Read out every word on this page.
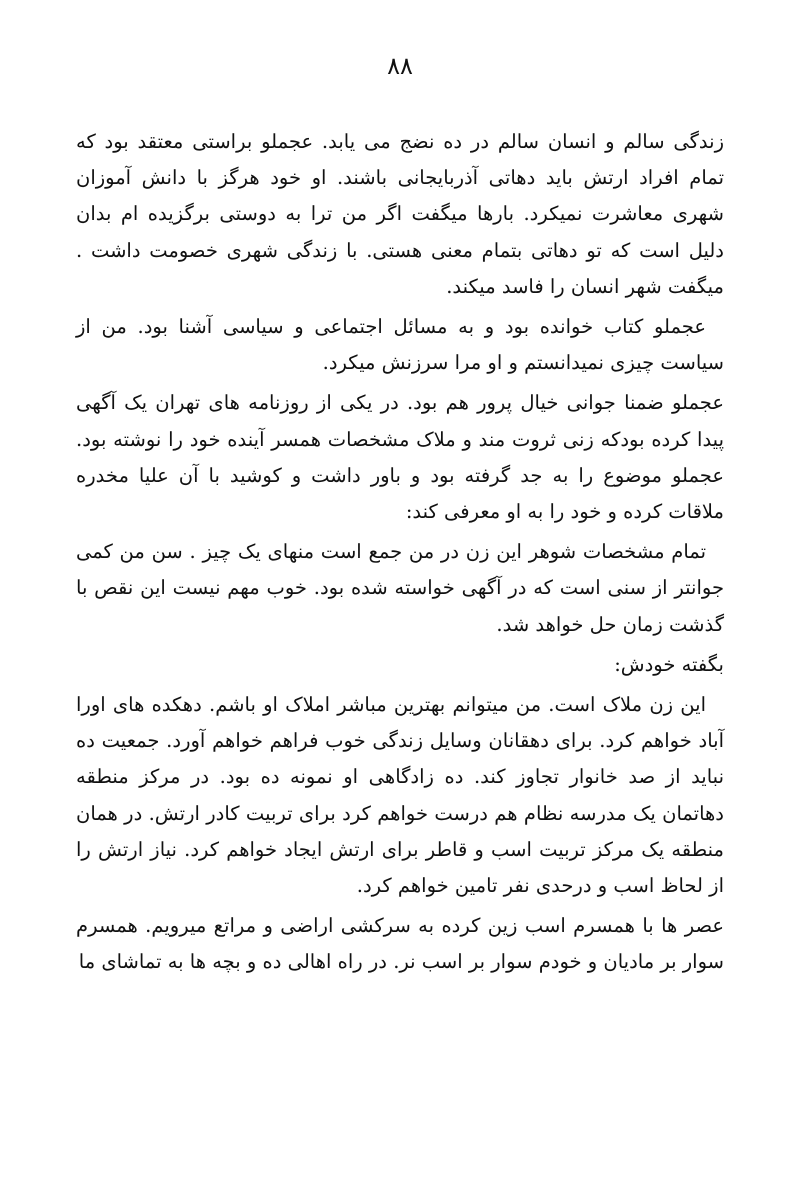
۸۸

زندگی سالم و انسان سالم در ده نضج می یابد. عجملو براستی معتقد بود که تمام افراد ارتش باید دهاتی آذربایجانی باشند. او خود هرگز با دانش آموزان شهری معاشرت نمیکرد. بارها میگفت اگر من ترا به دوستی برگزیده ام بدان دلیل است که تو دهاتی بتمام معنی هستی. با زندگی شهری خصومت داشت . میگفت شهر انسان را فاسد میکند.

عجملو کتاب خوانده بود و به مسائل اجتماعی و سیاسی آشنا بود. من از سیاست چیزی نمیدانستم و او مرا سرزنش میکرد.

عجملو ضمنا جوانی خیال پرور هم بود. در یکی از روزنامه های تهران یک آگهی پیدا کرده بودکه زنی ثروت مند و ملاک مشخصات همسر آینده خود را نوشته بود. عجملو موضوع را به جد گرفته بود و باور داشت و کوشید با آن علیا مخدره ملاقات کرده و خود را به او معرفی کند:

تمام مشخصات شوهر این زن در من جمع است منهای یک چیز . سن من کمی جوانتر از سنی است که در آگهی خواسته شده بود. خوب مهم نیست این نقص با گذشت زمان حل خواهد شد.

بگفته خودش:

این زن ملاک است. من میتوانم بهترین مباشر املاک او باشم. دهکده های اورا آباد خواهم کرد. برای دهقانان وسایل زندگی خوب فراهم خواهم آورد. جمعیت ده نباید از صد خانوار تجاوز کند. ده زادگاهی او نمونه ده بود. در مرکز منطقه دهاتمان یک مدرسه نظام هم درست خواهم کرد برای تربیت کادر ارتش. در همان منطقه یک مرکز تربیت اسب و قاطر برای ارتش ایجاد خواهم کرد. نیاز ارتش را از لحاظ اسب و درحدی نفر تامین خواهم کرد.

عصر ها با همسرم اسب زین کرده به سرکشی اراضی و مراتع میرویم. همسرم سوار بر مادیان و خودم سوار بر اسب نر. در راه اهالی ده و بچه ها به تماشای ما
